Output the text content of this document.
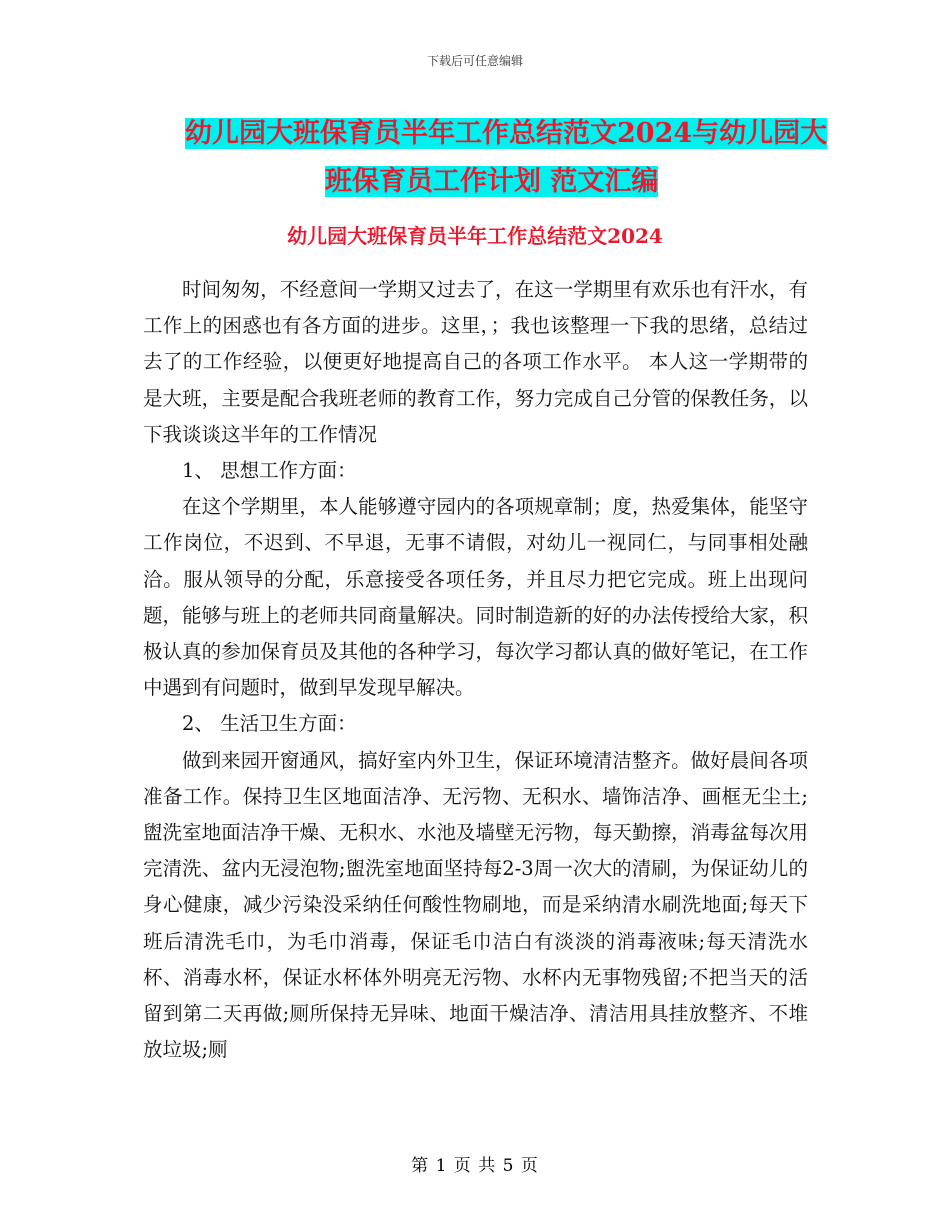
下载后可任意编辑
幼儿园大班保育员半年工作总结范文2024与幼儿园大
班保育员工作计划 范文汇编
幼儿园大班保育员半年工作总结范文2024

时间匆匆，不经意间一学期又过去了，在这一学期里有欢乐也有汗水，有工作上的困惑也有各方面的进步。这里，；我也该整理一下我的思绪，总结过去了的工作经验，以便更好地提高自己的各项工作水平。 本人这一学期带的是大班，主要是配合我班老师的教育工作，努力完成自己分管的保教任务，以下我谈谈这半年的工作情况

1、 思想工作方面：

在这个学期里，本人能够遵守园内的各项规章制；度，热爱集体，能坚守工作岗位，不迟到、不早退，无事不请假，对幼儿一视同仁，与同事相处融洽。服从领导的分配，乐意接受各项任务，并且尽力把它完成。班上出现问题，能够与班上的老师共同商量解决。同时制造新的好的办法传授给大家，积极认真的参加保育员及其他的各种学习，每次学习都认真的做好笔记，在工作中遇到有问题时，做到早发现早解决。

2、 生活卫生方面：

做到来园开窗通风，搞好室内外卫生，保证环境清洁整齐。做好晨间各项准备工作。保持卫生区地面洁净、无污物、无积水、墙饰洁净、画框无尘土;盥洗室地面洁净干燥、无积水、水池及墙壁无污物，每天勤擦，消毒盆每次用完清洗、盆内无浸泡物;盥洗室地面坚持每2-3周一次大的清刷，为保证幼儿的身心健康，减少污染没采纳任何酸性物刷地，而是采纳清水刷洗地面;每天下班后清洗毛巾，为毛巾消毒，保证毛巾洁白有淡淡的消毒液味;每天清洗水杯、消毒水杯，保证水杯体外明亮无污物、水杯内无事物残留;不把当天的活留到第二天再做;厕所保持无异味、地面干燥洁净、清洁用具挂放整齐、不堆放垃圾;厕

第 1 页 共 5 页
